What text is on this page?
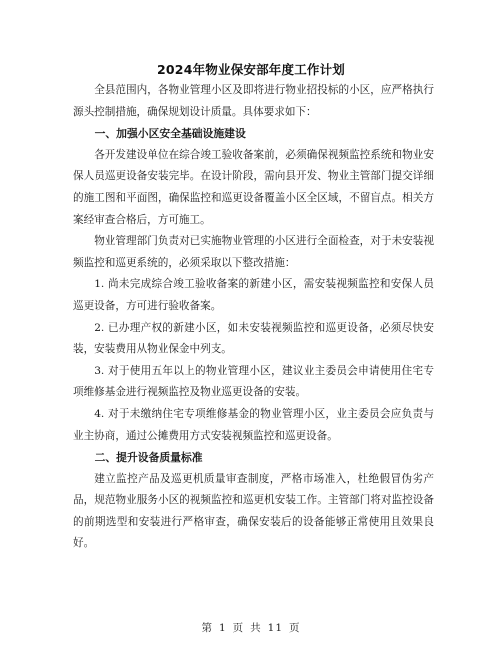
2024年物业保安部年度工作计划

全县范围内，各物业管理小区及即将进行物业招投标的小区，应严格执行源头控制措施，确保规划设计质量。具体要求如下：

一、加强小区安全基础设施建设

各开发建设单位在综合竣工验收备案前，必须确保视频监控系统和物业安保人员巡更设备安装完毕。在设计阶段，需向县开发、物业主管部门提交详细的施工图和平面图，确保监控和巡更设备覆盖小区全区域，不留盲点。相关方案经审查合格后，方可施工。

物业管理部门负责对已实施物业管理的小区进行全面检查，对于未安装视频监控和巡更系统的，必须采取以下整改措施：

1. 尚未完成综合竣工验收备案的新建小区，需安装视频监控和安保人员巡更设备，方可进行验收备案。

2. 已办理产权的新建小区，如未安装视频监控和巡更设备，必须尽快安装，安装费用从物业保金中列支。

3. 对于使用五年以上的物业管理小区，建议业主委员会申请使用住宅专项维修基金进行视频监控及物业巡更设备的安装。

4. 对于未缴纳住宅专项维修基金的物业管理小区，业主委员会应负责与业主协商，通过公摊费用方式安装视频监控和巡更设备。

二、提升设备质量标准

建立监控产品及巡更机质量审查制度，严格市场准入，杜绝假冒伪劣产品，规范物业服务小区的视频监控和巡更机安装工作。主管部门将对监控设备的前期选型和安装进行严格审查，确保安装后的设备能够正常使用且效果良好。

第 1 页 共 11 页
